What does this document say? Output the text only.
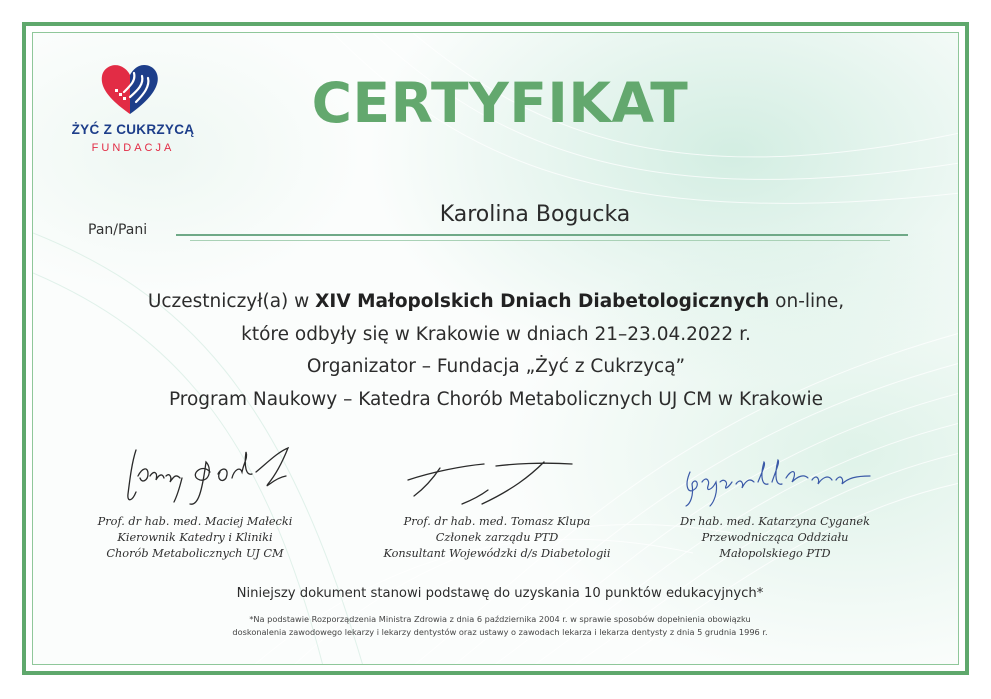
ŻYĆ Z CUKRZYCĄ
FUNDACJA
CERTYFIKAT
Pan/Pani
Karolina Bogucka
Uczestniczył(a) w XIV Małopolskich Dniach Diabetologicznych on-line,
które odbyły się w Krakowie w dniach 21–23.04.2022 r.
Organizator – Fundacja „Żyć z Cukrzycą”
Program Naukowy – Katedra Chorób Metabolicznych UJ CM w Krakowie
Prof. dr hab. med. Maciej Małecki
Kierownik Katedry i Kliniki
Chorób Metabolicznych UJ CM
Prof. dr hab. med. Tomasz Klupa
Członek zarządu PTD
Konsultant Wojewódzki d/s Diabetologii
Dr hab. med. Katarzyna Cyganek
Przewodnicząca Oddziału
Małopolskiego PTD
Niniejszy dokument stanowi podstawę do uzyskania 10 punktów edukacyjnych*
*Na podstawie Rozporządzenia Ministra Zdrowia z dnia 6 października 2004 r. w sprawie sposobów dopełnienia obowiązku
doskonalenia zawodowego lekarzy i lekarzy dentystów oraz ustawy o zawodach lekarza i lekarza dentysty z dnia 5 grudnia 1996 r.
